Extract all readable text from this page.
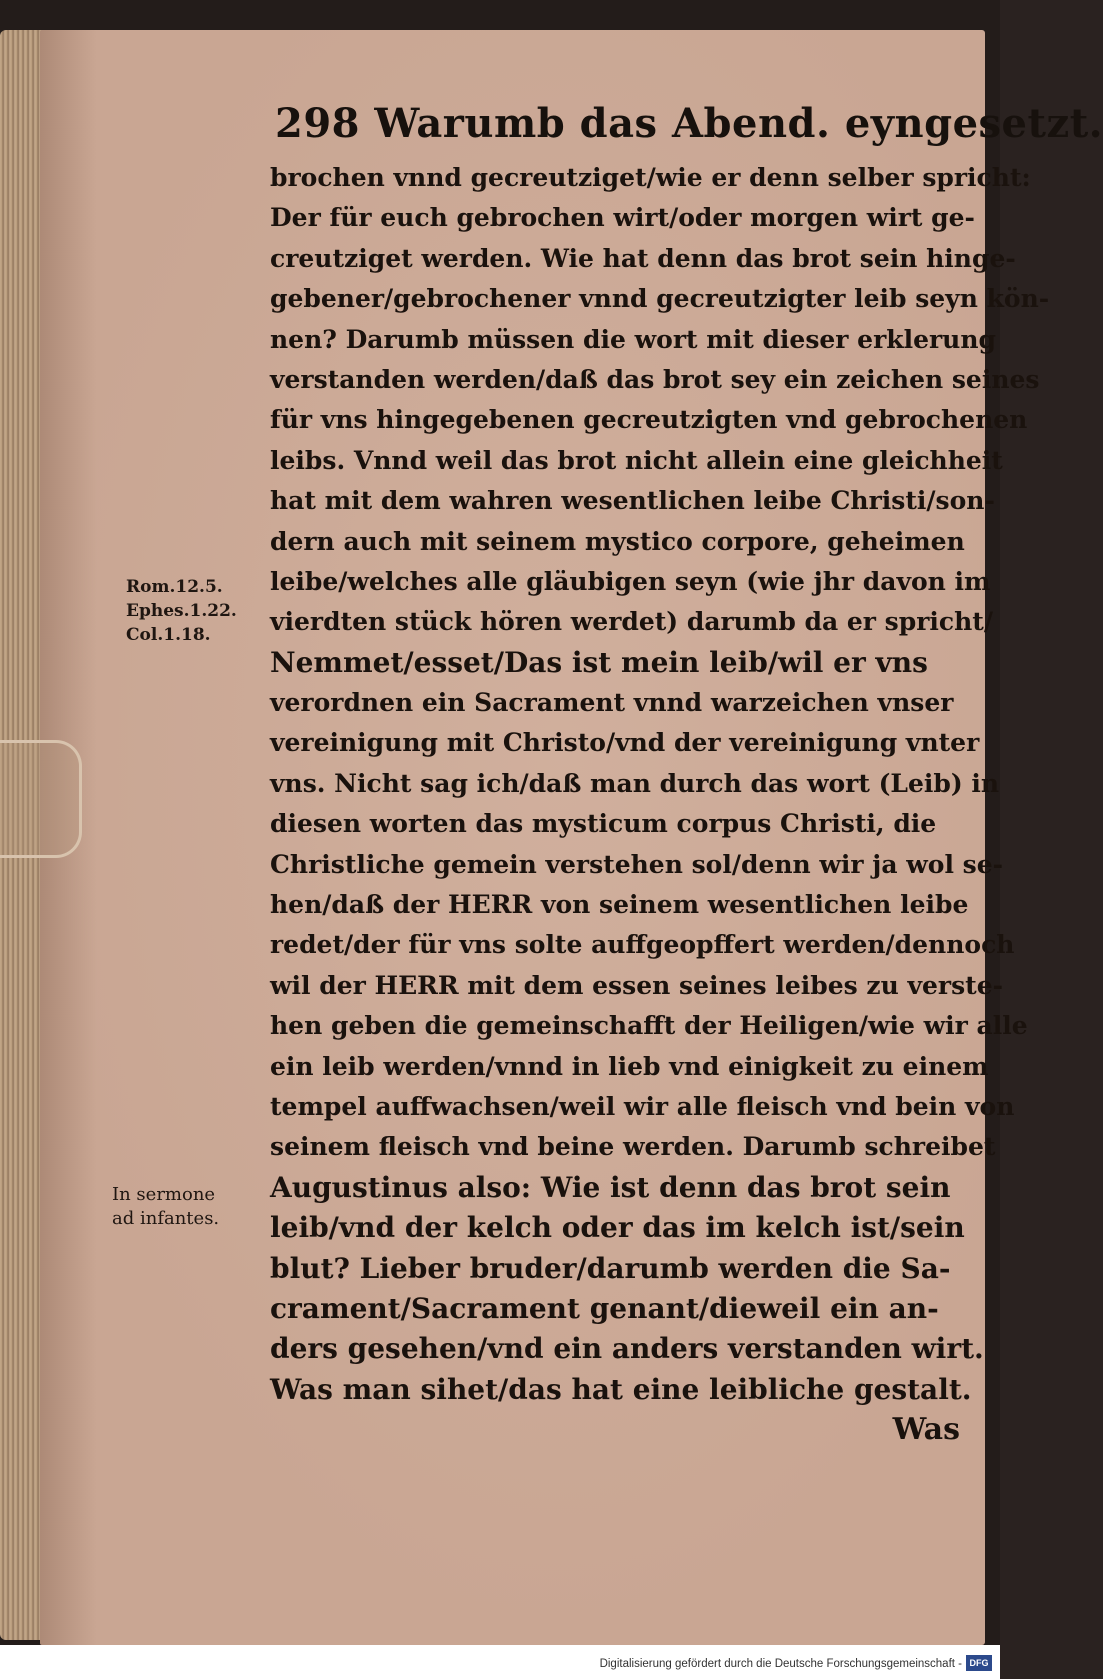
298 Warumb das Abend. eyngesetzt.
Rom.12.5.
Ephes.1.22.
Col.1.18.
In sermone
ad infantes.
brochen vnnd gecreutziget/wie er denn selber spricht:
Der für euch gebrochen wirt/oder morgen wirt ge-
creutziget werden. Wie hat denn das brot sein hinge-
gebener/gebrochener vnnd gecreutzigter leib seyn kön-
nen? Darumb müssen die wort mit dieser erklerung
verstanden werden/daß das brot sey ein zeichen seines
für vns hingegebenen gecreutzigten vnd gebrochenen
leibs. Vnnd weil das brot nicht allein eine gleichheit
hat mit dem wahren wesentlichen leibe Christi/son-
dern auch mit seinem mystico corpore, geheimen
leibe/welches alle gläubigen seyn (wie jhr davon im
vierdten stück hören werdet) darumb da er spricht/
Nemmet/esset/Das ist mein leib/wil er vns
verordnen ein Sacrament vnnd warzeichen vnser
vereinigung mit Christo/vnd der vereinigung vnter
vns. Nicht sag ich/daß man durch das wort (Leib) in
diesen worten das mysticum corpus Christi, die
Christliche gemein verstehen sol/denn wir ja wol se-
hen/daß der HERR von seinem wesentlichen leibe
redet/der für vns solte auffgeopffert werden/dennoch
wil der HERR mit dem essen seines leibes zu verste-
hen geben die gemeinschafft der Heiligen/wie wir alle
ein leib werden/vnnd in lieb vnd einigkeit zu einem
tempel auffwachsen/weil wir alle fleisch vnd bein von
seinem fleisch vnd beine werden. Darumb schreibet
Augustinus also: Wie ist denn das brot sein
leib/vnd der kelch oder das im kelch ist/sein
blut? Lieber bruder/darumb werden die Sa-
crament/Sacrament genant/dieweil ein an-
ders gesehen/vnd ein anders verstanden wirt.
Was man sihet/das hat eine leibliche gestalt.
Was
Digitalisierung gefördert durch die Deutsche Forschungsgemeinschaft - DFG
